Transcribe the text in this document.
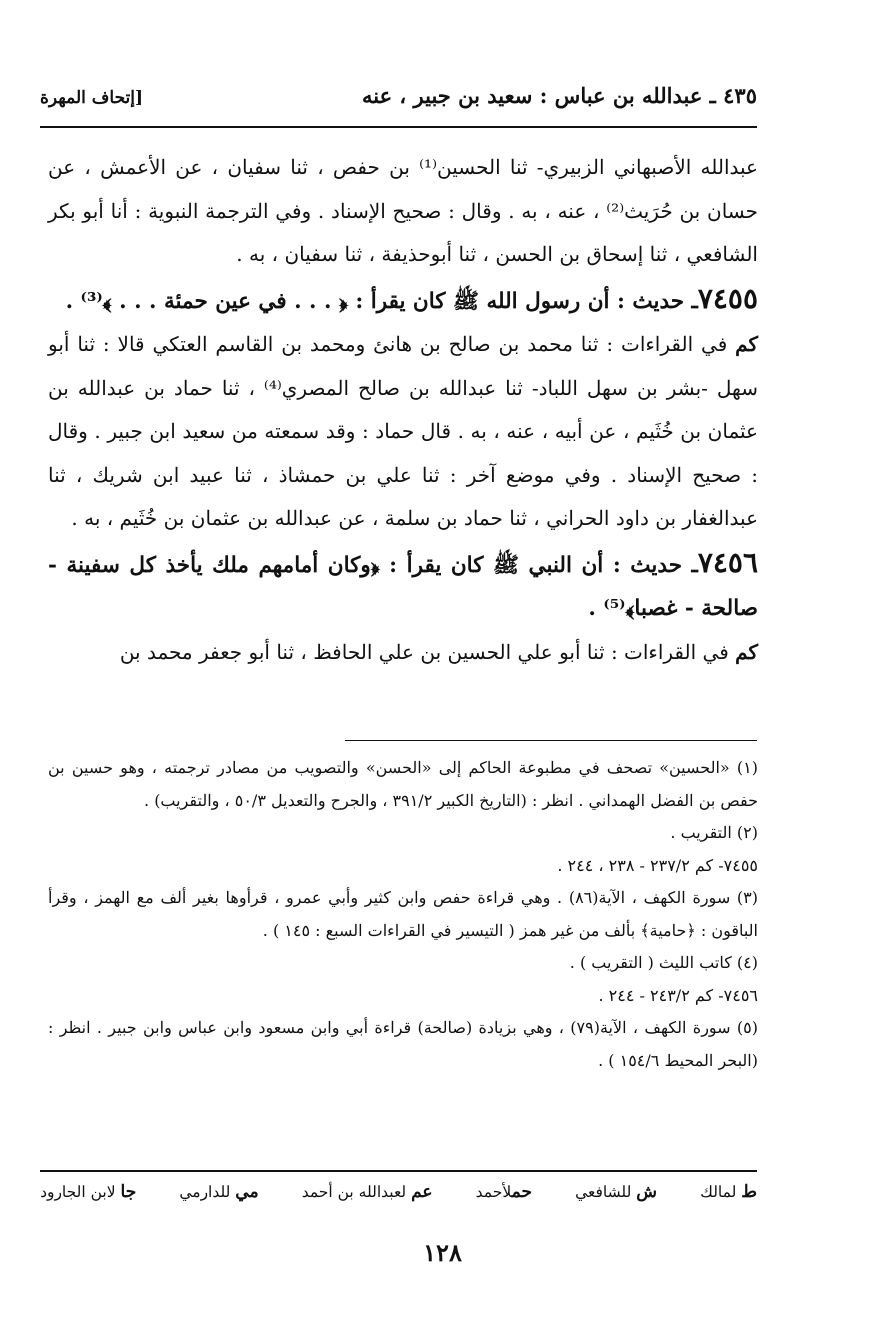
٤٣٥ ـ عبدالله بن عباس : سعيد بن جبير ، عنه
[إتحاف المهرة

عبدالله الأصبهاني الزبيري- ثنا الحسين⁽¹⁾ بن حفص ، ثنا سفيان ، عن الأعمش ، عن حسان بن حُرَيث⁽²⁾ ، عنه ، به . وقال : صحيح الإسناد . وفي الترجمة النبوية : أنا أبو بكر الشافعي ، ثنا إسحاق بن الحسن ، ثنا أبوحذيفة ، ثنا سفيان ، به .

٧٤٥٥ـ حديث : أن رسول الله ﷺ كان يقرأ : ﴿ . . . في عين حمئة . . . ﴾⁽³⁾ .

كم في القراءات : ثنا محمد بن صالح بن هانئ ومحمد بن القاسم العتكي قالا : ثنا أبو سهل -بشر بن سهل اللباد- ثنا عبدالله بن صالح المصري⁽⁴⁾ ، ثنا حماد بن عبدالله بن عثمان بن خُثَيم ، عن أبيه ، عنه ، به . قال حماد : وقد سمعته من سعيد ابن جبير . وقال : صحيح الإسناد . وفي موضع آخر : ثنا علي بن حمشاذ ، ثنا عبيد ابن شريك ، ثنا عبدالغفار بن داود الحراني ، ثنا حماد بن سلمة ، عن عبدالله بن عثمان بن خُثَيم ، به .

٧٤٥٦ـ حديث : أن النبي ﷺ كان يقرأ : ﴿وكان أمامهم ملك يأخذ كل سفينة - صالحة - غصبا﴾⁽⁵⁾ .

كم في القراءات : ثنا أبو علي الحسين بن علي الحافظ ، ثنا أبو جعفر محمد بن

(١) «الحسين» تصحف في مطبوعة الحاكم إلى «الحسن» والتصويب من مصادر ترجمته ، وهو حسين بن حفص بن الفضل الهمداني . انظر : (التاريخ الكبير ٣٩١/٢ ، والجرح والتعديل ٥٠/٣ ، والتقريب) .

(٢) التقريب .

٧٤٥٥- كم ٢٣٧/٢ - ٢٣٨ ، ٢٤٤ .

(٣) سورة الكهف ، الآية(٨٦) . وهي قراءة حفص وابن كثير وأبي عمرو ، قرأوها بغير ألف مع الهمز ، وقرأ الباقون : ﴿حامية﴾ بألف من غير همز ( التيسير في القراءات السبع : ١٤٥ ) .

(٤) كاتب الليث ( التقريب ) .

٧٤٥٦- كم ٢٤٣/٢ - ٢٤٤ .

(٥) سورة الكهف ، الآية(٧٩) ، وهي بزيادة (صالحة) قراءة أبي وابن مسعود وابن عباس وابن جبير . انظر : (البحر المحيط ١٥٤/٦ ) .

ط لمالك
ش للشافعي
حملأحمد
عم لعبدالله بن أحمد
مي للدارمي
جا لابن الجارود
١٢٨
